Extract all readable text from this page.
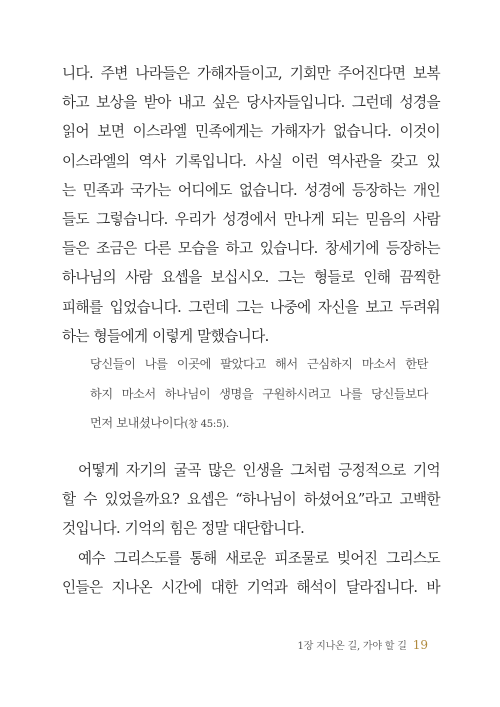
니다. 주변 나라들은 가해자들이고, 기회만 주어진다면 보복
하고 보상을 받아 내고 싶은 당사자들입니다. 그런데 성경을
읽어 보면 이스라엘 민족에게는 가해자가 없습니다. 이것이
이스라엘의 역사 기록입니다. 사실 이런 역사관을 갖고 있
는 민족과 국가는 어디에도 없습니다. 성경에 등장하는 개인
들도 그렇습니다. 우리가 성경에서 만나게 되는 믿음의 사람
들은 조금은 다른 모습을 하고 있습니다. 창세기에 등장하는
하나님의 사람 요셉을 보십시오. 그는 형들로 인해 끔찍한
피해를 입었습니다. 그런데 그는 나중에 자신을 보고 두려워
하는 형들에게 이렇게 말했습니다.
당신들이 나를 이곳에 팔았다고 해서 근심하지 마소서 한탄
하지 마소서 하나님이 생명을 구원하시려고 나를 당신들보다
먼저 보내셨나이다(창 45:5).
어떻게 자기의 굴곡 많은 인생을 그처럼 긍정적으로 기억
할 수 있었을까요? 요셉은 “하나님이 하셨어요”라고 고백한
것입니다. 기억의 힘은 정말 대단합니다.
예수 그리스도를 통해 새로운 피조물로 빚어진 그리스도
인들은 지나온 시간에 대한 기억과 해석이 달라집니다. 바
1장 지나온 길, 가야 할 길 19
